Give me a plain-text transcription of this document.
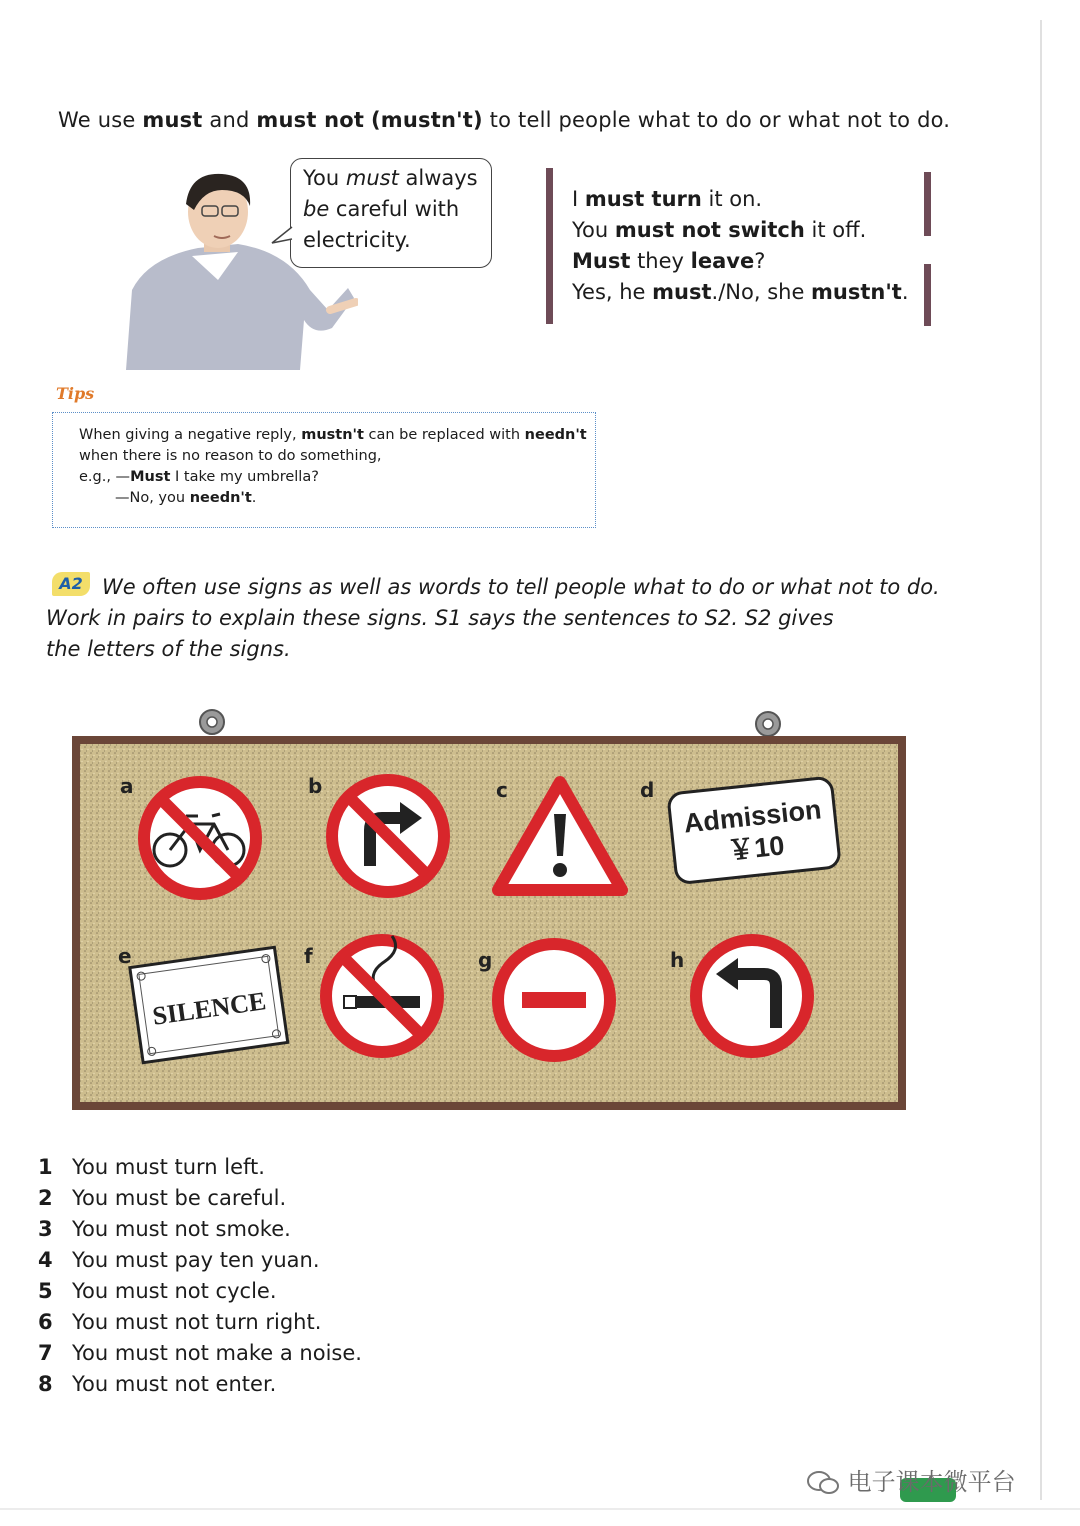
We use must and must not (mustn't) to tell people what to do or what not to do.
You must always
be careful with
electricity.
I must turn it on.
You must not switch it off.
Must they leave?
Yes, he must./No, she mustn't.
Tips
When giving a negative reply, mustn't can be replaced with needn't
when there is no reason to do something,
e.g., —Must I take my umbrella?
—No, you needn't.
We often use signs as well as words to tell people what to do or what not to do.
Work in pairs to explain these signs. S1 says the sentences to S2. S2 gives
the letters of the signs.
A2
Admission
￥10
SILENCE
a	b	c	d
e	f	g	h
1 You must turn left.
2 You must be careful.
3 You must not smoke.
4 You must pay ten yuan.
5 You must not cycle.
6 You must not turn right.
7 You must not make a noise.
8 You must not enter.
电子课本微平台
